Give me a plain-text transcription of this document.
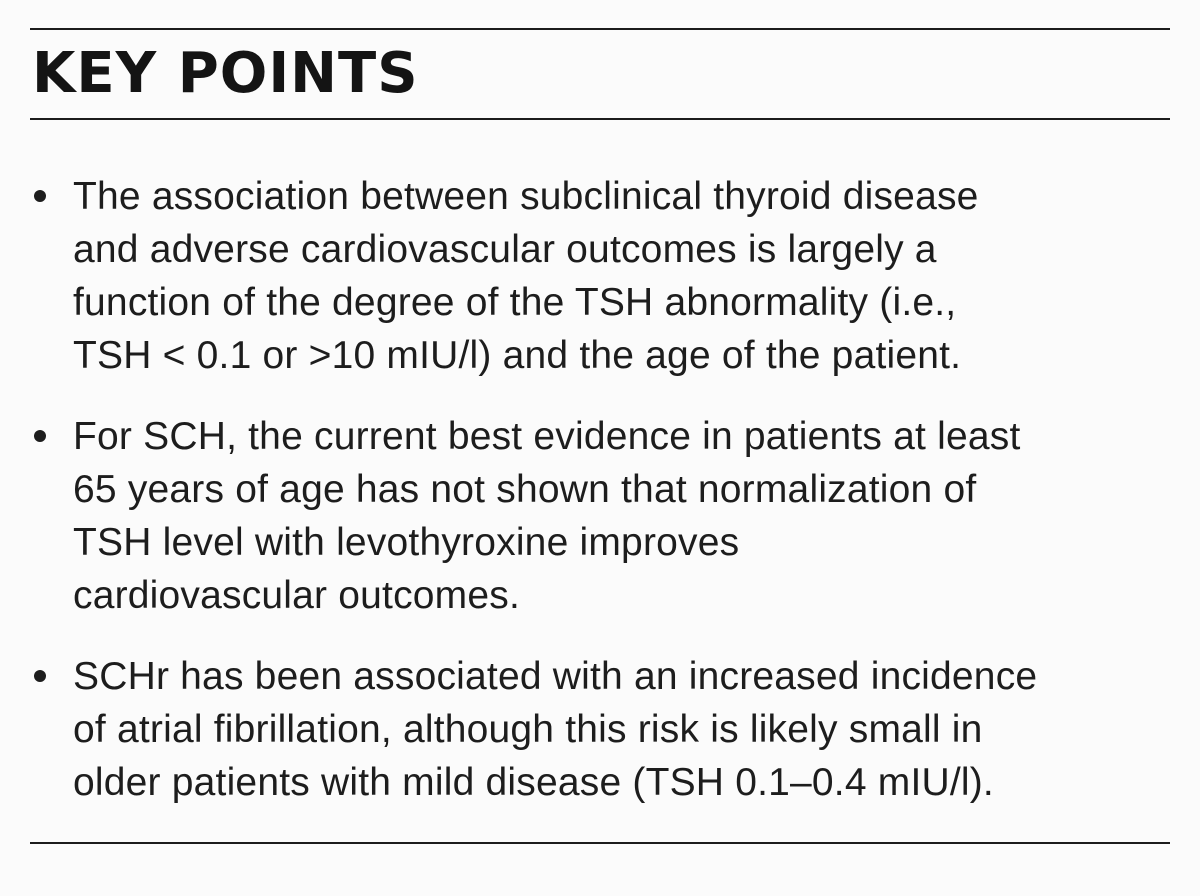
KEY POINTS
The association between subclinical thyroid disease
and adverse cardiovascular outcomes is largely a
function of the degree of the TSH abnormality (i.e.,
TSH < 0.1 or >10 mIU/l) and the age of the patient.
For SCH, the current best evidence in patients at least
65 years of age has not shown that normalization of
TSH level with levothyroxine improves
cardiovascular outcomes.
SCHr has been associated with an increased incidence
of atrial fibrillation, although this risk is likely small in
older patients with mild disease (TSH 0.1–0.4 mIU/l).
